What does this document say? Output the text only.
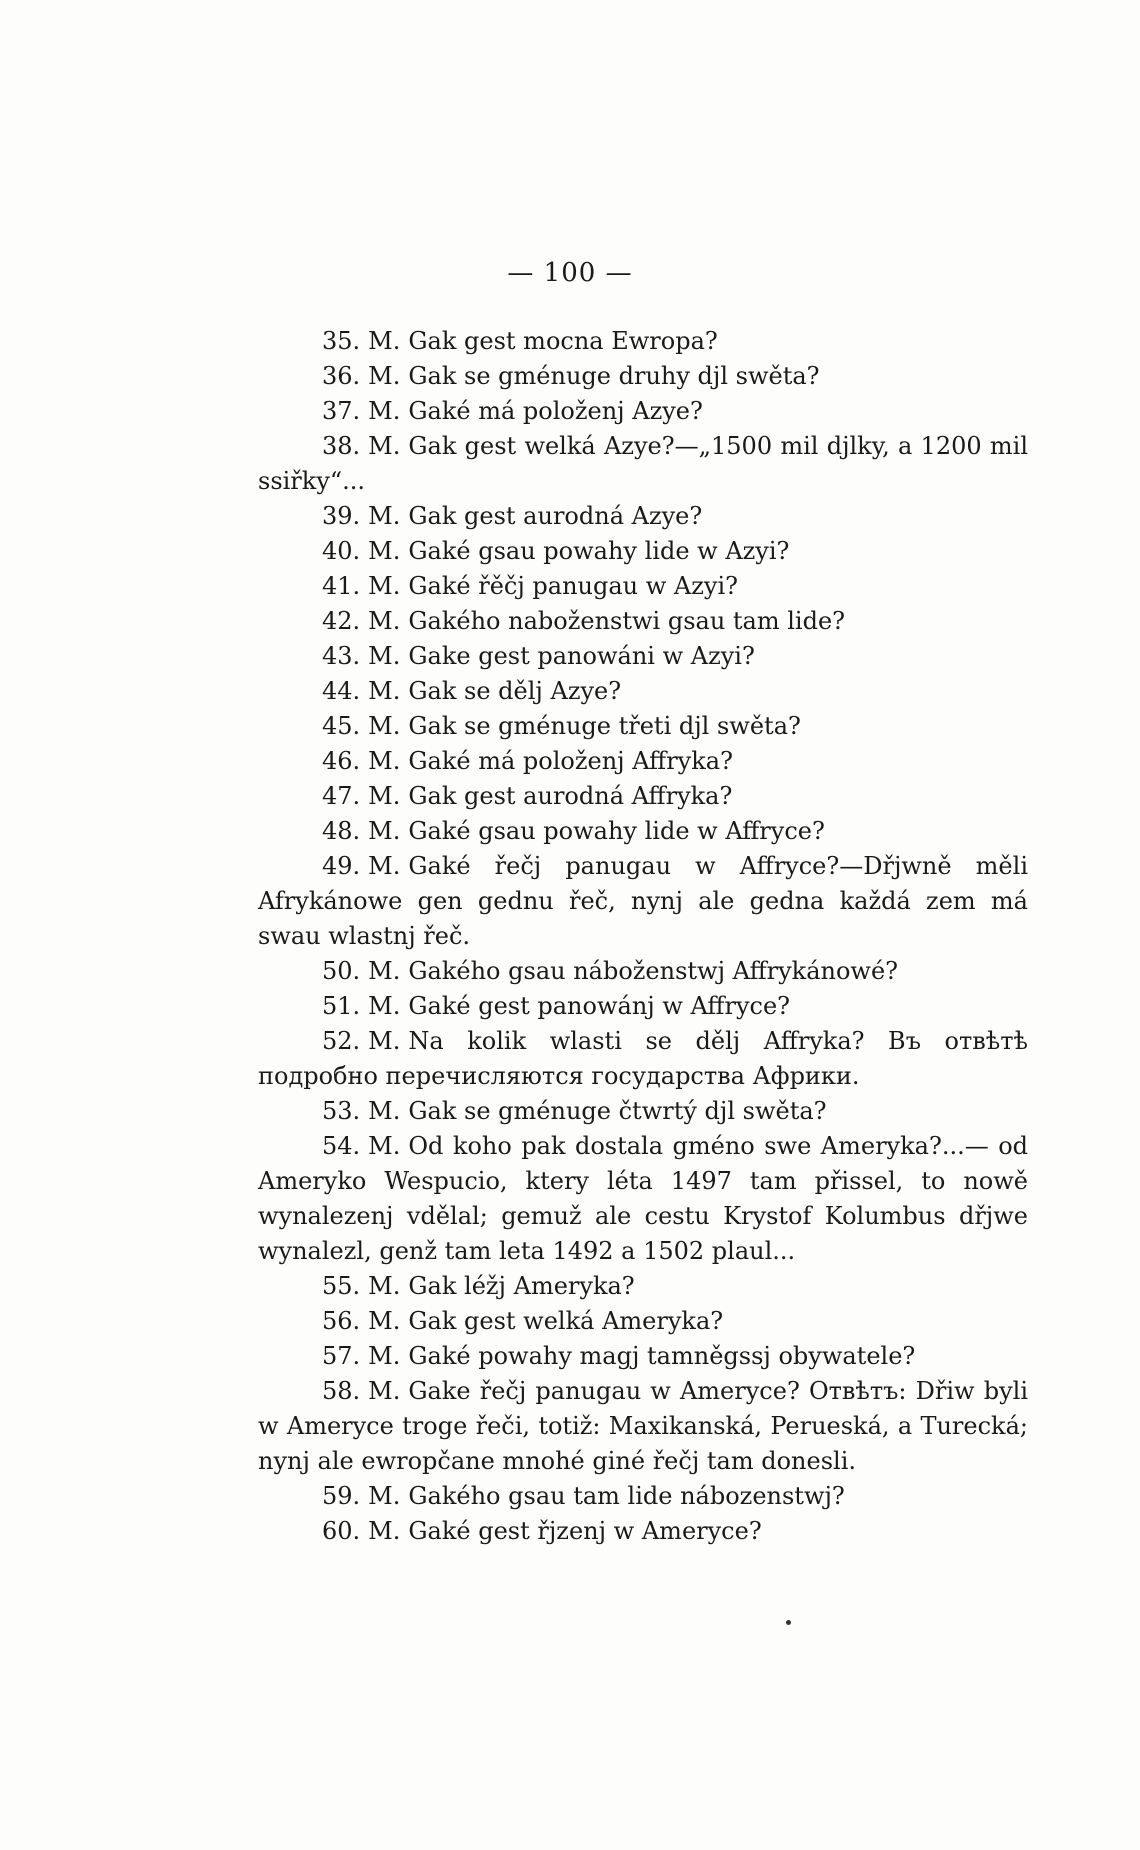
— 100 —

35. M. Gak gest mocna Ewropa?

36. M. Gak se gménuge druhy djl swěta?

37. M. Gaké má položenj Azye?

38. M. Gak gest welká Azye?—„1500 mil djlky, a 1200 mil ssiřky“...

39. M. Gak gest aurodná Azye?

40. M. Gaké gsau powahy lide w Azyi?

41. M. Gaké řěčj panugau w Azyi?

42. M. Gakého naboženstwi gsau tam lide?

43. M. Gake gest panowáni w Azyi?

44. M. Gak se dělj Azye?

45. M. Gak se gménuge třeti djl swěta?

46. M. Gaké má položenj Affryka?

47. M. Gak gest aurodná Affryka?

48. M. Gaké gsau powahy lide w Affryce?

49. M. Gaké řečj panugau w Affryce?—Dřjwně měli Afrykánowe gen gednu řeč, nynj ale gedna každá zem má swau wlastnj řeč.

50. M. Gakého gsau náboženstwj Affrykánowé?

51. M. Gaké gest panowánj w Affryce?

52. M. Na kolik wlasti se dělj Affryka? Въ отвѣтѣ подробно перечисляются государства Африки.

53. M. Gak se gménuge čtwrtý djl swěta?

54. M. Od koho pak dostala gméno swe Ameryka?...— od Ameryko Wespucio, ktery léta 1497 tam přissel, to nowě wynalezenj vdělal; gemuž ale cestu Krystof Kolumbus dřjwe wynalezl, genž tam leta 1492 a 1502 plaul...

55. M. Gak léžj Ameryka?

56. M. Gak gest welká Ameryka?

57. M. Gaké powahy magj tamněgssj obywatele?

58. M. Gake řečj panugau w Ameryce? Отвѣтъ: Dřiw byli w Ameryce troge řeči, totiž: Maxikanská, Perueská, a Turecká; nynj ale ewropčane mnohé giné řečj tam donesli.

59. M. Gakého gsau tam lide nábozenstwj?

60. M. Gaké gest řjzenj w Ameryce?
